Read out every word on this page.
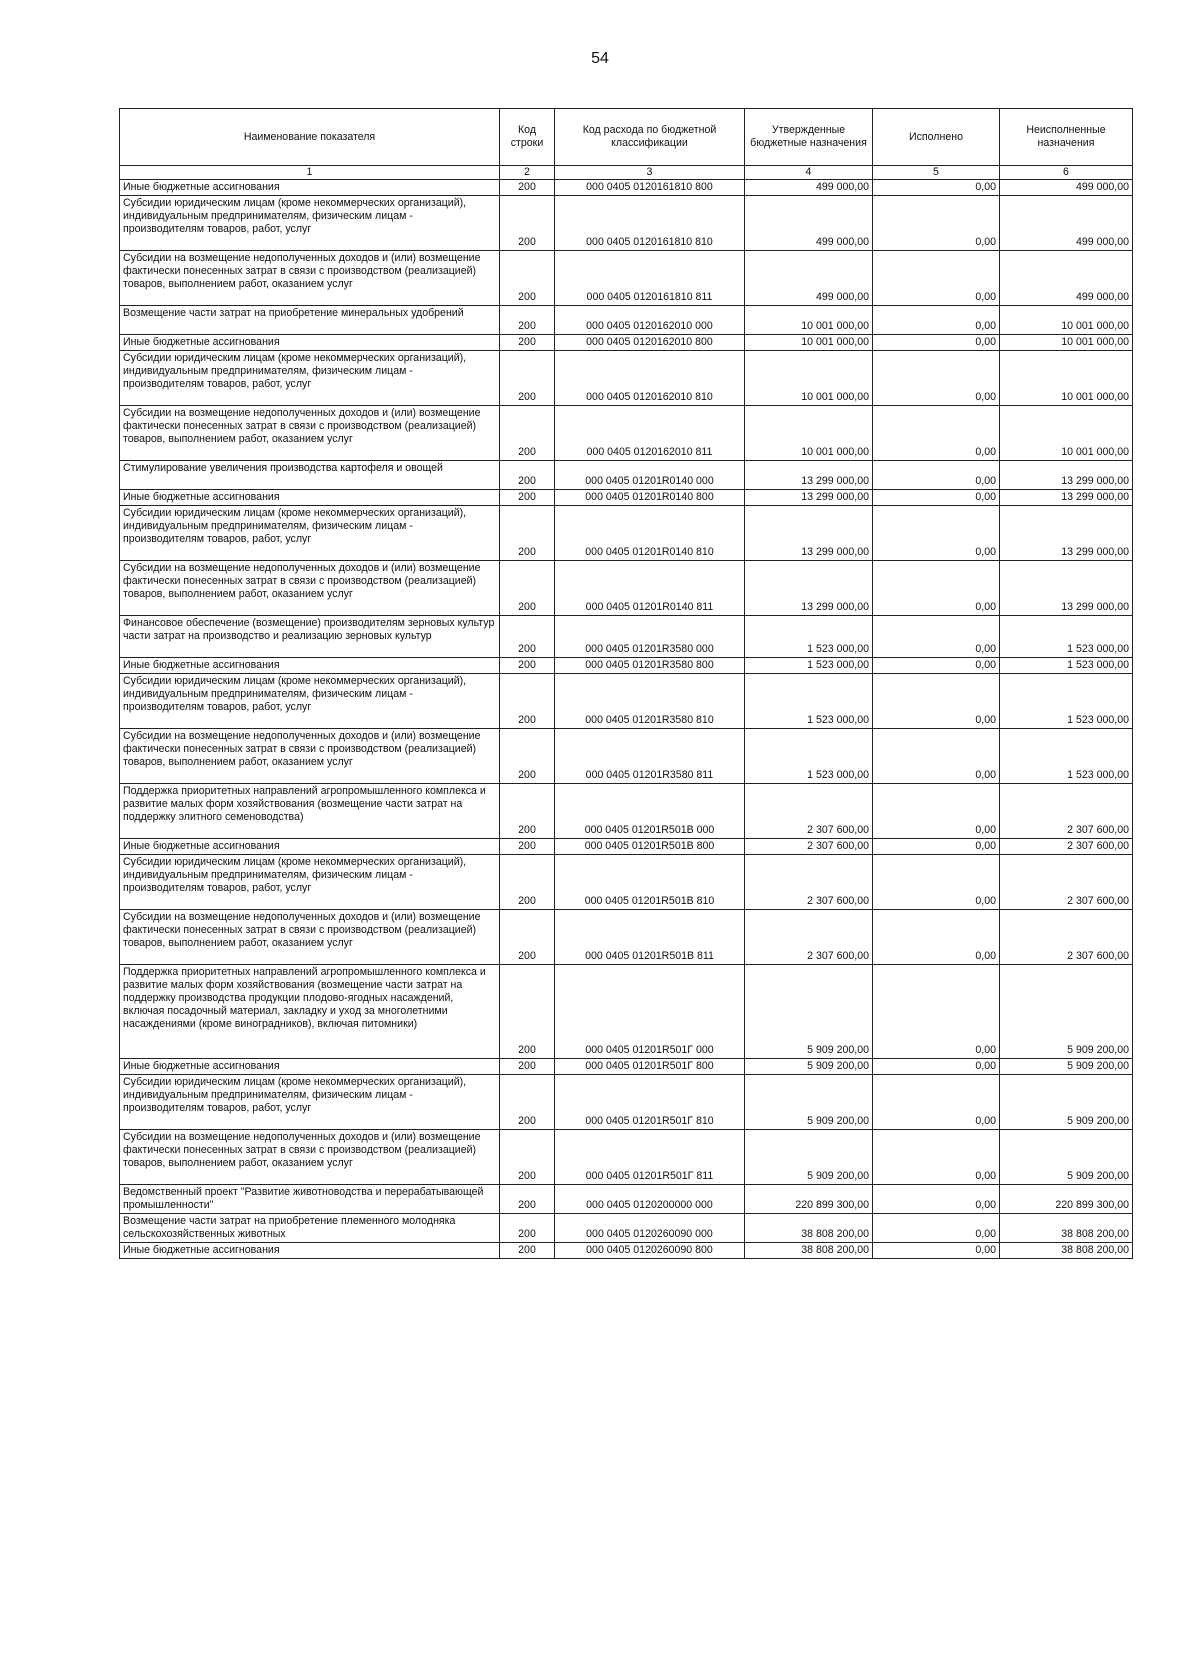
54
Наименование показателя	Код строки	Код расхода по бюджетной классификации	Утвержденные бюджетные назначения	Исполнено	Неисполненные назначения
1	2	3	4	5	6
Иные бюджетные ассигнования	200	000 0405 0120161810 800	499 000,00	0,00	499 000,00
Субсидии юридическим лицам (кроме некоммерческих организаций), индивидуальным предпринимателям, физическим лицам - производителям товаров, работ, услуг	200	000 0405 0120161810 810	499 000,00	0,00	499 000,00
Субсидии на возмещение недополученных доходов и (или) возмещение фактически понесенных затрат в связи с производством (реализацией) товаров, выполнением работ, оказанием услуг	200	000 0405 0120161810 811	499 000,00	0,00	499 000,00
Возмещение части затрат на приобретение минеральных удобрений	200	000 0405 0120162010 000	10 001 000,00	0,00	10 001 000,00
Иные бюджетные ассигнования	200	000 0405 0120162010 800	10 001 000,00	0,00	10 001 000,00
Субсидии юридическим лицам (кроме некоммерческих организаций), индивидуальным предпринимателям, физическим лицам - производителям товаров, работ, услуг	200	000 0405 0120162010 810	10 001 000,00	0,00	10 001 000,00
Субсидии на возмещение недополученных доходов и (или) возмещение фактически понесенных затрат в связи с производством (реализацией) товаров, выполнением работ, оказанием услуг	200	000 0405 0120162010 811	10 001 000,00	0,00	10 001 000,00
Стимулирование увеличения производства картофеля и овощей	200	000 0405 01201R0140 000	13 299 000,00	0,00	13 299 000,00
Иные бюджетные ассигнования	200	000 0405 01201R0140 800	13 299 000,00	0,00	13 299 000,00
Субсидии юридическим лицам (кроме некоммерческих организаций), индивидуальным предпринимателям, физическим лицам - производителям товаров, работ, услуг	200	000 0405 01201R0140 810	13 299 000,00	0,00	13 299 000,00
Субсидии на возмещение недополученных доходов и (или) возмещение фактически понесенных затрат в связи с производством (реализацией) товаров, выполнением работ, оказанием услуг	200	000 0405 01201R0140 811	13 299 000,00	0,00	13 299 000,00
Финансовое обеспечение (возмещение) производителям зерновых культур части затрат на производство и реализацию зерновых культур	200	000 0405 01201R3580 000	1 523 000,00	0,00	1 523 000,00
Иные бюджетные ассигнования	200	000 0405 01201R3580 800	1 523 000,00	0,00	1 523 000,00
Субсидии юридическим лицам (кроме некоммерческих организаций), индивидуальным предпринимателям, физическим лицам - производителям товаров, работ, услуг	200	000 0405 01201R3580 810	1 523 000,00	0,00	1 523 000,00
Субсидии на возмещение недополученных доходов и (или) возмещение фактически понесенных затрат в связи с производством (реализацией) товаров, выполнением работ, оказанием услуг	200	000 0405 01201R3580 811	1 523 000,00	0,00	1 523 000,00
Поддержка приоритетных направлений агропромышленного комплекса и развитие малых форм хозяйствования (возмещение части затрат на поддержку элитного семеноводства)	200	000 0405 01201R501B 000	2 307 600,00	0,00	2 307 600,00
Иные бюджетные ассигнования	200	000 0405 01201R501B 800	2 307 600,00	0,00	2 307 600,00
Субсидии юридическим лицам (кроме некоммерческих организаций), индивидуальным предпринимателям, физическим лицам - производителям товаров, работ, услуг	200	000 0405 01201R501B 810	2 307 600,00	0,00	2 307 600,00
Субсидии на возмещение недополученных доходов и (или) возмещение фактически понесенных затрат в связи с производством (реализацией) товаров, выполнением работ, оказанием услуг	200	000 0405 01201R501B 811	2 307 600,00	0,00	2 307 600,00
Поддержка приоритетных направлений агропромышленного комплекса и развитие малых форм хозяйствования (возмещение части затрат на поддержку производства продукции плодово-ягодных насаждений, включая посадочный материал, закладку и уход за многолетними насаждениями (кроме виноградников), включая питомники)	200	000 0405 01201R501Г 000	5 909 200,00	0,00	5 909 200,00
Иные бюджетные ассигнования	200	000 0405 01201R501Г 800	5 909 200,00	0,00	5 909 200,00
Субсидии юридическим лицам (кроме некоммерческих организаций), индивидуальным предпринимателям, физическим лицам - производителям товаров, работ, услуг	200	000 0405 01201R501Г 810	5 909 200,00	0,00	5 909 200,00
Субсидии на возмещение недополученных доходов и (или) возмещение фактически понесенных затрат в связи с производством (реализацией) товаров, выполнением работ, оказанием услуг	200	000 0405 01201R501Г 811	5 909 200,00	0,00	5 909 200,00
Ведомственный проект "Развитие животноводства и перерабатывающей промышленности"	200	000 0405 0120200000 000	220 899 300,00	0,00	220 899 300,00
Возмещение части затрат на приобретение племенного молодняка сельскохозяйственных животных	200	000 0405 0120260090 000	38 808 200,00	0,00	38 808 200,00
Иные бюджетные ассигнования	200	000 0405 0120260090 800	38 808 200,00	0,00	38 808 200,00
